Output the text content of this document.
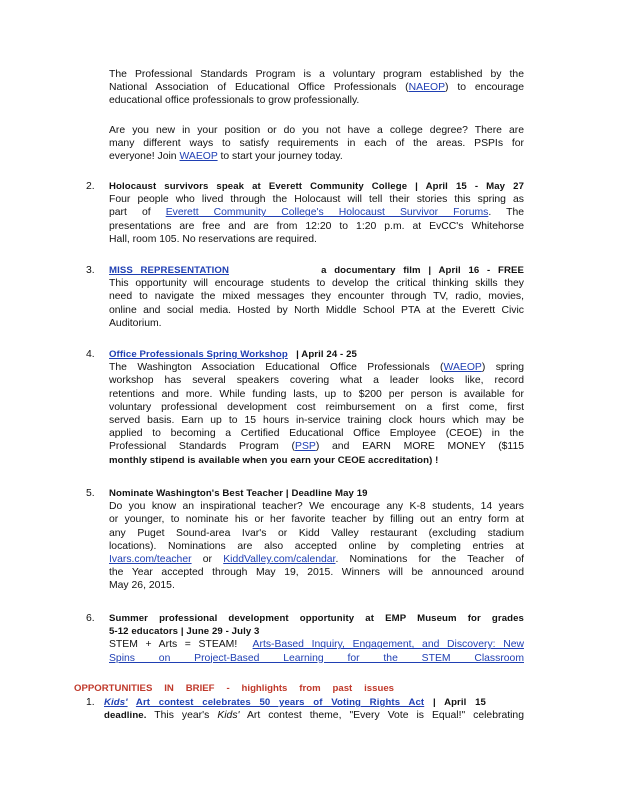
The Professional Standards Program is a voluntary program established by the
National Association of Educational Office Professionals (NAEOP) to encourage
educational office professionals to grow professionally.
Are you new in your position or do you not have a college degree? There are
many different ways to satisfy requirements in each of the areas. PSPIs for
everyone! Join WAEOP to start your journey today.
2. Holocaust survivors speak at Everett Community College | April 15 - May 27
Four people who lived through the Holocaust will tell their stories this spring as
part of Everett Community College's Holocaust Survivor Forums. The
presentations are free and are from 12:20 to 1:20 p.m. at EvCC's Whitehorse
Hall, room 105. No reservations are required.
3. MISS REPRESENTATION	a documentary film | April 16 - FREE
This opportunity will encourage students to develop the critical thinking skills they
need to navigate the mixed messages they encounter through TV, radio, movies,
online and social media. Hosted by North Middle School PTA at the Everett Civic
Auditorium.
4. Office Professionals Spring Workshop | April 24 - 25
The Washington Association Educational Office Professionals (WAEOP) spring
workshop has several speakers covering what a leader looks like, record
retentions and more. While funding lasts, up to $200 per person is available for
voluntary professional development cost reimbursement on a first come, first
served basis. Earn up to 15 hours in-service training clock hours which may be
applied to becoming a Certified Educational Office Employee (CEOE) in the
Professional Standards Program (PSP) and EARN MORE MONEY ($115
monthly stipend is available when you earn your CEOE accreditation) !
5. Nominate Washington's Best Teacher | Deadline May 19
Do you know an inspirational teacher? We encourage any K-8 students, 14 years
or younger, to nominate his or her favorite teacher by filling out an entry form at
any Puget Sound-area Ivar's or Kidd Valley restaurant (excluding stadium
locations). Nominations are also accepted online by completing entries at
Ivars.com/teacher or KiddValley.com/calendar. Nominations for the Teacher of
the Year accepted through May 19, 2015. Winners will be announced around
May 26, 2015.
6. Summer professional development opportunity at EMP Museum for grades
5-12 educators | June 29 - July 3
STEM + Arts = STEAM! Arts-Based Inquiry, Engagement, and Discovery: New
Spins on Project-Based Learning for the STEM Classroom
OPPORTUNITIES IN BRIEF - highlights from past issues
1. Kids' Art contest celebrates 50 years of Voting Rights Act | April 15
deadline. This year's Kids' Art contest theme, "Every Vote is Equal!" celebrating
